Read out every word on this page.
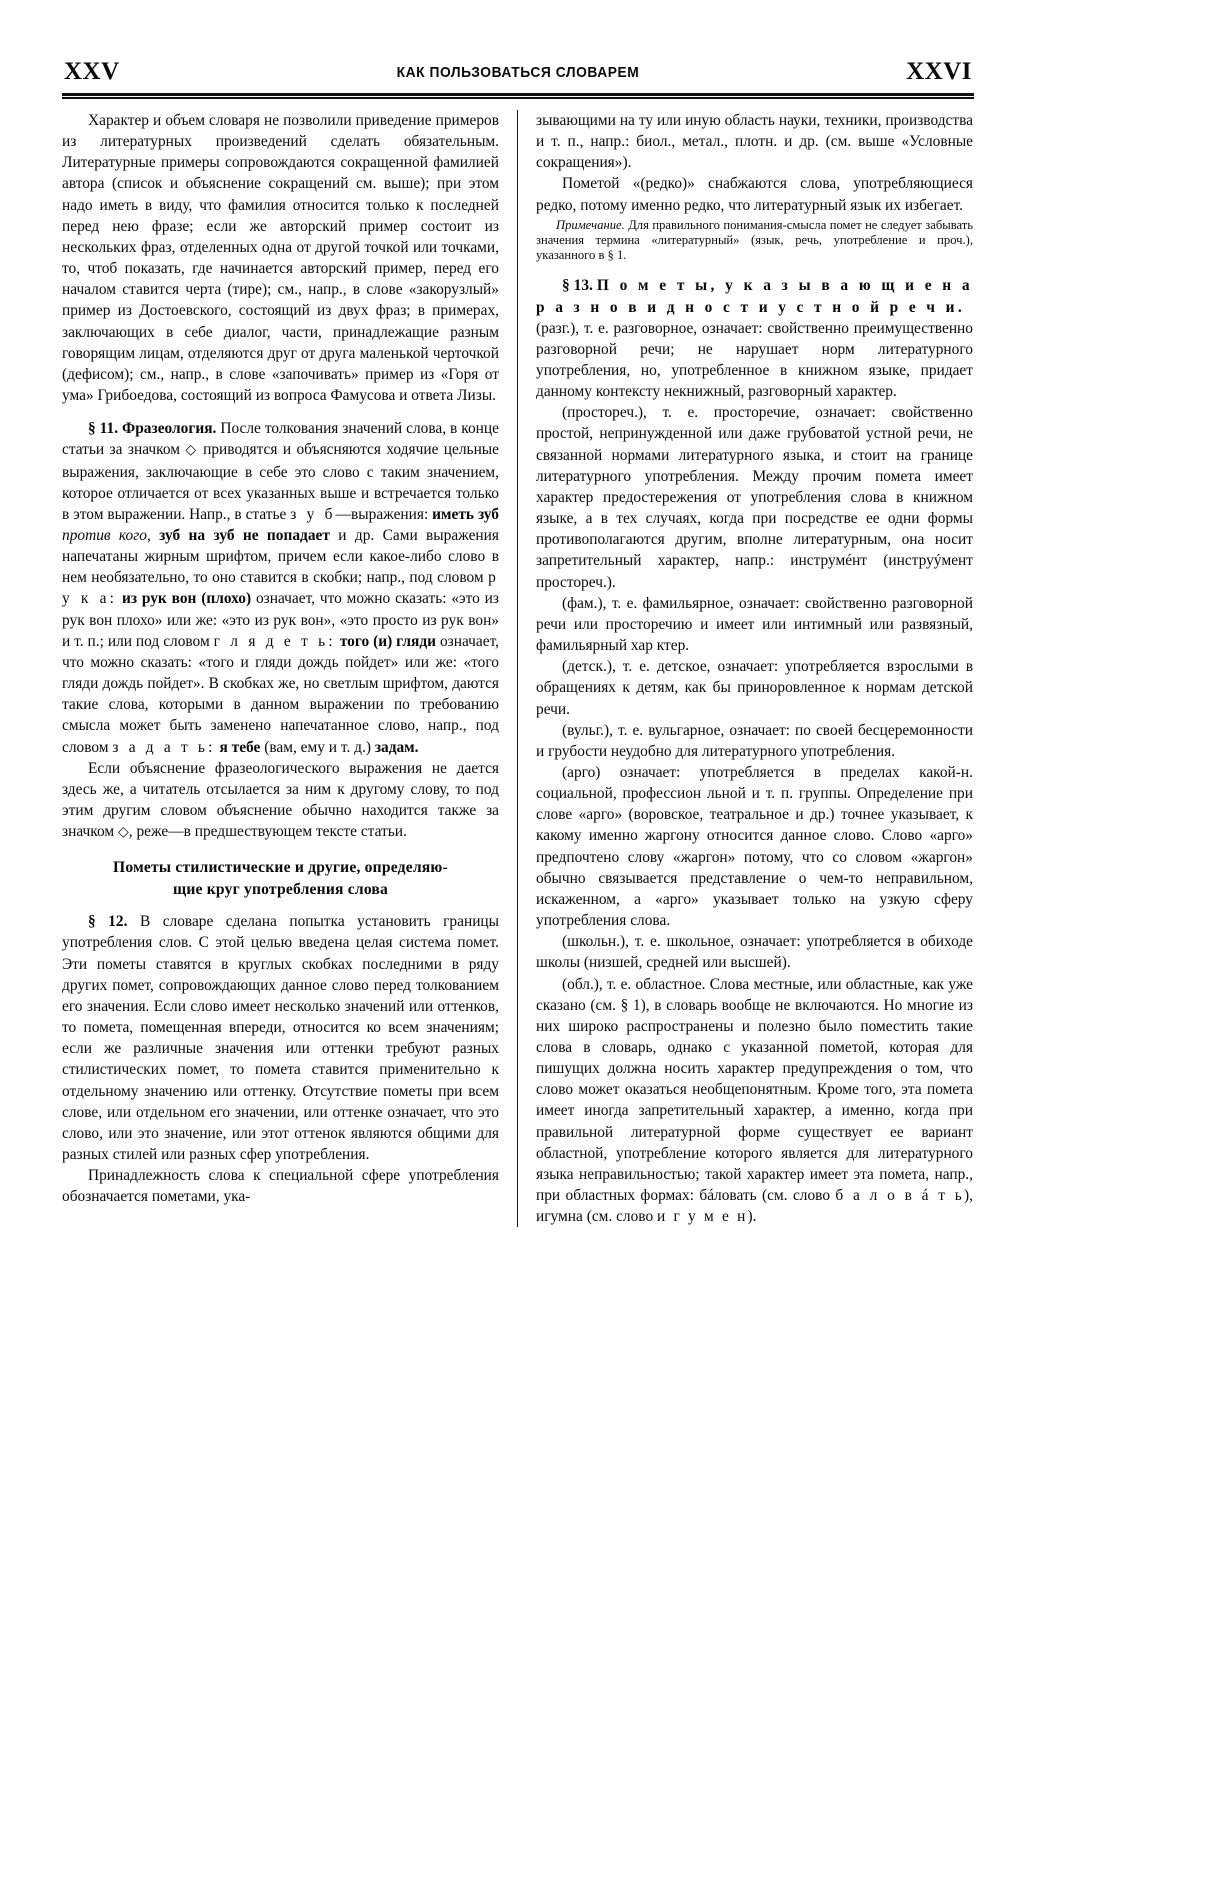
XXV	КАК ПОЛЬЗОВАТЬСЯ СЛОВАРЕМ	XXVI

Характер и объем словаря не позволили приведение примеров из литературных произведений сделать обязательным. Литературные примеры сопровождаются сокращенной фамилией автора (список и объяснение сокращений см. выше); при этом надо иметь в виду, что фамилия относится только к последней перед нею фразе; если же авторский пример состоит из нескольких фраз, отделенных одна от другой точкой или точками, то, чтоб показать, где начинается авторский пример, перед его началом ставится черта (тире); см., напр., в слове «закорузлый» пример из Достоевского, состоящий из двух фраз; в примерах, заключающих в себе диалог, части, принадлежащие разным говорящим лицам, отделяются друг от друга маленькой черточкой (дефисом); см., напр., в слове «започивать» пример из «Горя от ума» Грибоедова, состоящий из вопроса Фамусова и ответа Лизы.

§ 11. Фразеология. После толкования значений слова, в конце статьи за значком ◇ приводятся и объясняются ходячие цельные выражения, заключающие в себе это слово с таким значением, которое отличается от всех указанных выше и встречается только в этом выражении. Напр., в статье з у б—выражения: иметь зуб против кого, зуб на зуб не попадает и др. Сами выражения напечатаны жирным шрифтом, причем если какое-либо слово в нем необязательно, то оно ставится в скобки; напр., под словом р у к а: из рук вон (плохо) означает, что можно сказать: «это из рук вон плохо» или же: «это из рук вон», «это просто из рук вон» и т. п.; или под словом г л я д е т ь: того (и) гляди означает, что можно сказать: «того и гляди дождь пойдет» или же: «того гляди дождь пойдет». В скобках же, но светлым шрифтом, даются такие слова, которыми в данном выражении по требованию смысла может быть заменено напечатанное слово, напр., под словом з а д а т ь: я тебе (вам, ему и т. д.) задам.

Если объяснение фразеологического выражения не дается здесь же, а читатель отсылается за ним к другому слову, то под этим другим словом объяснение обычно находится также за значком ◇, реже—в предшествующем тексте статьи.

Пометы стилистические и другие, определяю-
щие круг употребления слова

§ 12. В словаре сделана попытка установить границы употребления слов. С этой целью введена целая система помет. Эти пометы ставятся в круглых скобках последними в ряду других помет, сопровождающих данное слово перед толкованием его значения. Если слово имеет несколько значений или оттенков, то пометa, помещенная впереди, относится ко всем значениям; если же различные значения или оттенки требуют разных стилистических помет, то пометa ставится применительно к отдельному значению или оттенку. Отсутствие пометы при всем слове, или отдельном его значении, или оттенке означает, что это слово, или это значение, или этот оттенок являются общими для разных стилей или разных сфер употребления.

Принадлежность слова к специальной сфере употребления обозначается пометами, ука-

зывающими на ту или иную область науки, техники, производства и т. п., напр.: биол., метал., плотн. и др. (см. выше «Условные сокращения»).

Пометой «(редко)» снабжаются слова, употребляющиеся редко, потому именно редко, что литературный язык их избегает.

Примечание. Для правильного понимания-смысла помет не следует забывать значения термина «литературный» (язык, речь, употребление и проч.), указанного в § 1.

§ 13. П о м е т ы, у к а з ы в а ю щ и е н а р а з н о в и д н о с т и у с т н о й р е ч и.

(разг.), т. е. разговорное, означает: свойственно преимущественно разговорной речи; не нарушает норм литературного употребления, но, употребленное в книжном языке, придает данному контексту некнижный, разговорный характер.

(простореч.), т. е. просторечие, означает: свойственно простой, непринужденной или даже грубоватой устной речи, не связанной нормами литературного языка, и стоит на границе литературного употребления. Между прочим помета имеет характер предостережения от употребления слова в книжном языке, а в тех случаях, когда при посредстве ее одни формы противополагаются другим, вполне литературным, она носит запретительный характер, напр.: инструмéнт (инструýмент простореч.).

(фам.), т. е. фамильярное, означает: свойственно разговорной речи или просторечию и имеет или интимный или развязный, фамильярный хар ктер.

(детск.), т. е. детское, означает: употребляется взрослыми в обращениях к детям, как бы приноровленное к нормам детской речи.

(вульг.), т. е. вульгарное, означает: по своей бесцеремонности и грубости неудобно для литературного употребления.

(арго) означает: употребляется в пределах какой-н. социальной, профессион льной и т. п. группы. Определение при слове «арго» (воровское, театральное и др.) точнее указывает, к какому именно жаргону относится данное слово. Слово «арго» предпочтено слову «жаргон» потому, что со словом «жаргон» обычно связывается представление о чем-то неправильном, искаженном, а «арго» указывает только на узкую сферу употребления слова.

(школьн.), т. е. школьное, означает: употребляется в обиходе школы (низшей, средней или высшей).

(обл.), т. е. областное. Слова местные, или областные, как уже сказано (см. § 1), в словарь вообще не включаются. Но многие из них широко распространены и полезно было поместить такие слова в словарь, однако с указанной пометой, которая для пишущих должна носить характер предупреждения о том, что слово может оказаться необщепонятным. Кроме того, эта помета имеет иногда запретительный характер, а именно, когда при правильной литературной форме существует ее вариант областной, употребление которого является для литературного языка неправильностью; такой характер имеет эта помета, напр., при областных формах: бáловать (см. слово б а л о в á т ь), игумна (см. слово и г у м е н).
